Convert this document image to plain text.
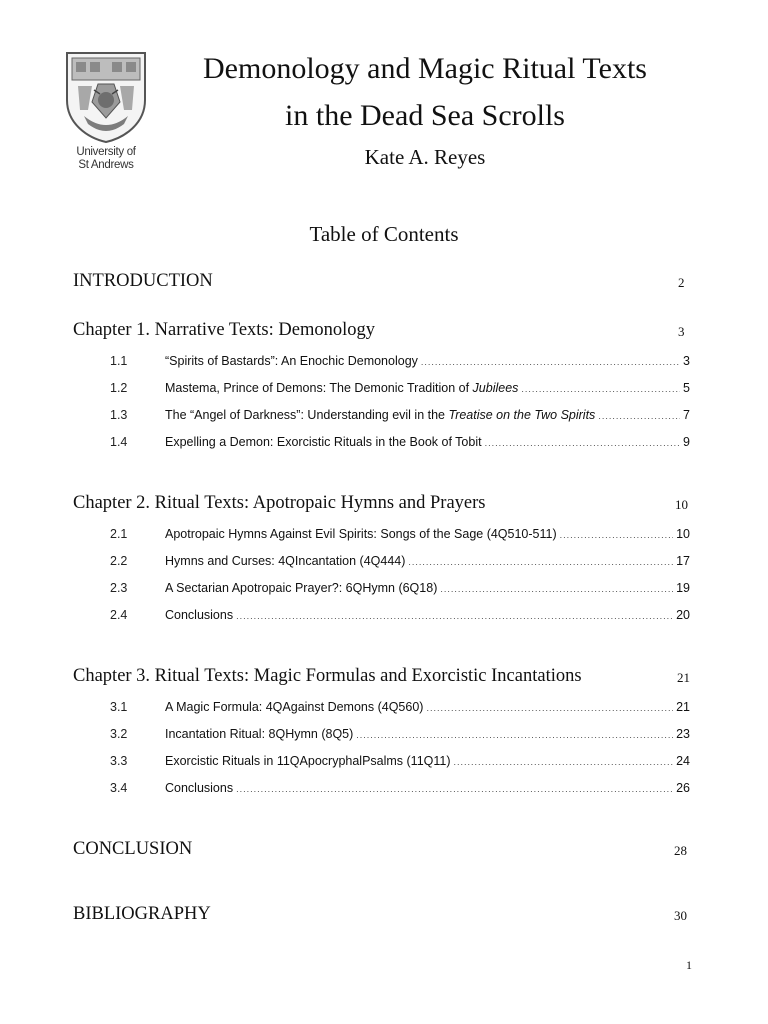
University of
St Andrews
Demonology and Magic Ritual Texts
in the Dead Sea Scrolls
Kate A. Reyes
Table of Contents
INTRODUCTION	2
Chapter 1. Narrative Texts: Demonology	3
1.1	“Spirits of Bastards”: An Enochic Demonology .....	3
1.2	Mastema, Prince of Demons: The Demonic Tradition of Jubilees .....	5
1.3	The “Angel of Darkness”: Understanding evil in the Treatise on the Two Spirits .....	7
1.4	Expelling a Demon: Exorcistic Rituals in the Book of Tobit .....	9
Chapter 2. Ritual Texts: Apotropaic Hymns and Prayers	10
2.1	Apotropaic Hymns Against Evil Spirits: Songs of the Sage (4Q510-511) .....	10
2.2	Hymns and Curses: 4QIncantation (4Q444) .....	17
2.3	A Sectarian Apotropaic Prayer?: 6QHymn (6Q18) .....	19
2.4	Conclusions .....	20
Chapter 3. Ritual Texts: Magic Formulas and Exorcistic Incantations	21
3.1	A Magic Formula: 4QAgainst Demons (4Q560) .....	21
3.2	Incantation Ritual: 8QHymn (8Q5) .....	23
3.3	Exorcistic Rituals in 11QApocryphalPsalms (11Q11) .....	24
3.4	Conclusions .....	26
CONCLUSION	28
BIBLIOGRAPHY	30
1
